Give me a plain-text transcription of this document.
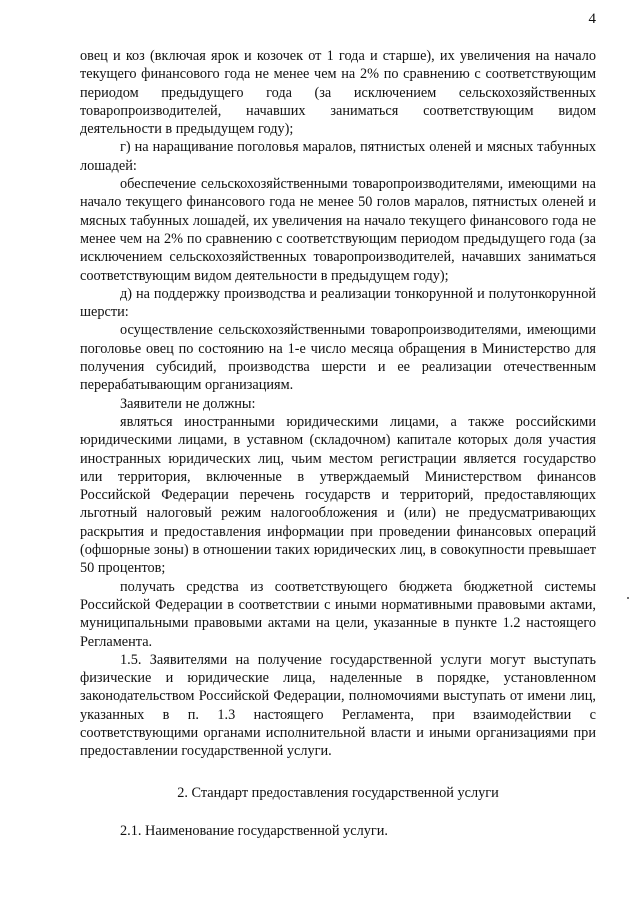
4

овец и коз (включая ярок и козочек от 1 года и старше), их увеличения на начало текущего финансового года не менее чем на 2% по сравнению с соответствующим периодом предыдущего года (за исключением сельскохозяйственных товаропроизводителей, начавших заниматься соответствующим видом деятельности в предыдущем году);

г) на наращивание поголовья маралов, пятнистых оленей и мясных табунных лошадей:

обеспечение сельскохозяйственными товаропроизводителями, имеющими на начало текущего финансового года не менее 50 голов маралов, пятнистых оленей и мясных табунных лошадей, их увеличения на начало текущего финансового года не менее чем на 2% по сравнению с соответствующим периодом предыдущего года (за исключением сельскохозяйственных товаропроизводителей, начавших заниматься соответствующим видом деятельности в предыдущем году);

д) на поддержку производства и реализации тонкорунной и полутонкорунной шерсти:

осуществление сельскохозяйственными товаропроизводителями, имеющими поголовье овец по состоянию на 1-е число месяца обращения в Министерство для получения субсидий, производства шерсти и ее реализации отечественным перерабатывающим организациям.

Заявители не должны:

являться иностранными юридическими лицами, а также российскими юридическими лицами, в уставном (складочном) капитале которых доля участия иностранных юридических лиц, чьим местом регистрации является государство или территория, включенные в утверждаемый Министерством финансов Российской Федерации перечень государств и территорий, предоставляющих льготный налоговый режим налогообложения и (или) не предусматривающих раскрытия и предоставления информации при проведении финансовых операций (офшорные зоны) в отношении таких юридических лиц, в совокупности превышает 50 процентов;

получать средства из соответствующего бюджета бюджетной системы Российской Федерации в соответствии с иными нормативными правовыми актами, муниципальными правовыми актами на цели, указанные в пункте 1.2 настоящего Регламента.

1.5. Заявителями на получение государственной услуги могут выступать физические и юридические лица, наделенные в порядке, установленном законодательством Российской Федерации, полномочиями выступать от имени лиц, указанных в п. 1.3 настоящего Регламента, при взаимодействии с соответствующими органами исполнительной власти и иными организациями при предоставлении государственной услуги.

2. Стандарт предоставления государственной услуги

2.1. Наименование государственной услуги.
